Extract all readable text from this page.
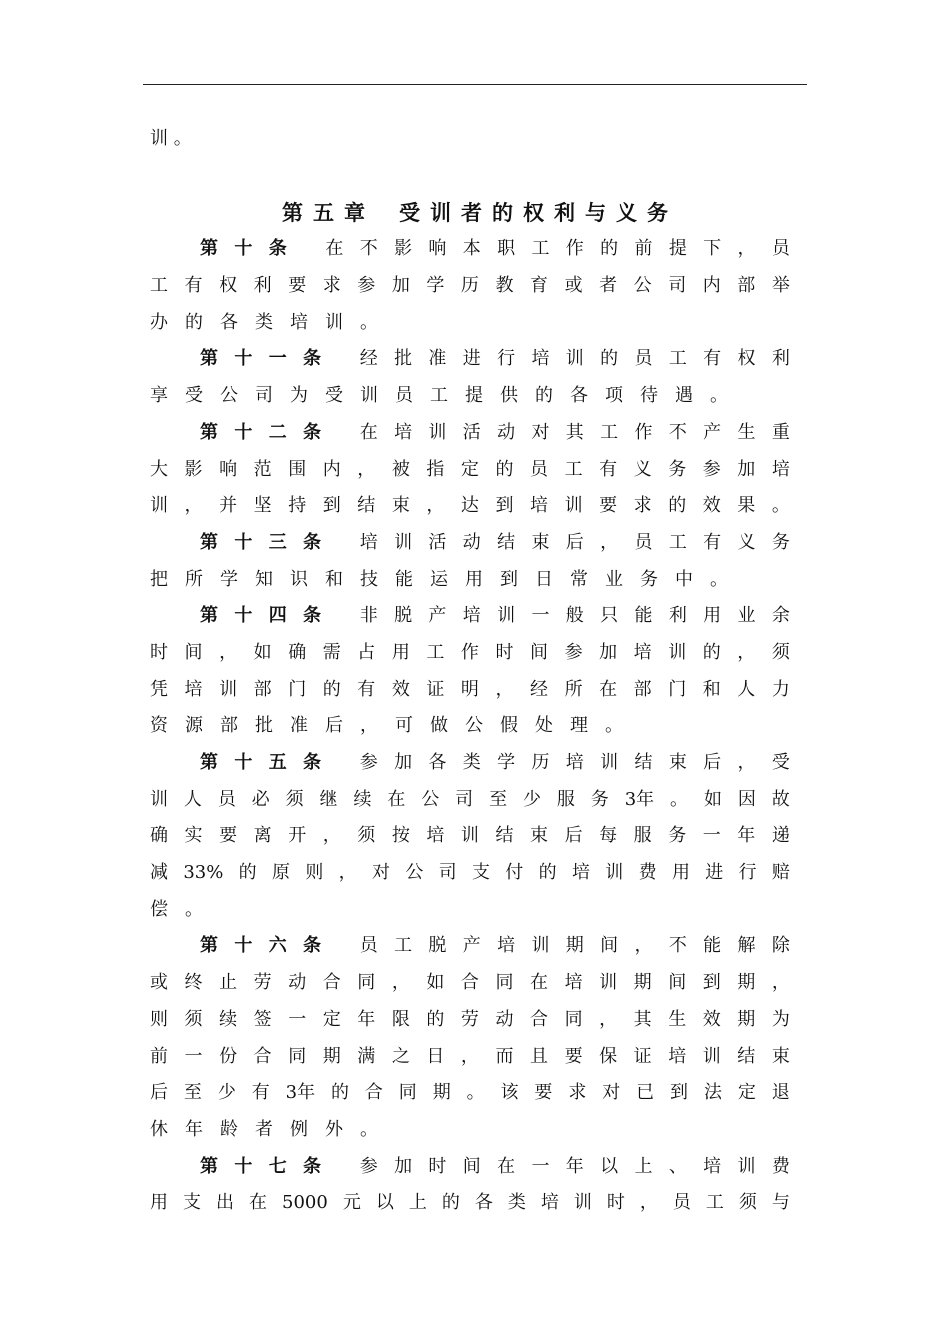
训 。
第五章 受训者的权利与义务
第 十 条 在 不 影 响 本 职 工 作 的 前 提 下 ， 员
工 有 权 利 要 求 参 加 学 历 教 育 或 者 公 司 内 部 举
办 的 各 类 培 训 。
第 十 一 条 经 批 准 进 行 培 训 的 员 工 有 权 利
享 受 公 司 为 受 训 员 工 提 供 的 各 项 待 遇 。
第 十 二 条 在 培 训 活 动 对 其 工 作 不 产 生 重
大 影 响 范 围 内 ， 被 指 定 的 员 工 有 义 务 参 加 培
训 ， 并 坚 持 到 结 束 ， 达 到 培 训 要 求 的 效 果 。
第 十 三 条 培 训 活 动 结 束 后 ， 员 工 有 义 务
把 所 学 知 识 和 技 能 运 用 到 日 常 业 务 中 。
第 十 四 条 非 脱 产 培 训 一 般 只 能 利 用 业 余
时 间 ， 如 确 需 占 用 工 作 时 间 参 加 培 训 的 ， 须
凭 培 训 部 门 的 有 效 证 明 ， 经 所 在 部 门 和 人 力
资 源 部 批 准 后 ， 可 做 公 假 处 理 。
第 十 五 条 参 加 各 类 学 历 培 训 结 束 后 ， 受
训 人 员 必 须 继 续 在 公 司 至 少 服 务 3年 。 如 因 故
确 实 要 离 开 ， 须 按 培 训 结 束 后 每 服 务 一 年 递
减 33% 的 原 则 ， 对 公 司 支 付 的 培 训 费 用 进 行 赔
偿 。
第 十 六 条 员 工 脱 产 培 训 期 间 ， 不 能 解 除
或 终 止 劳 动 合 同 ， 如 合 同 在 培 训 期 间 到 期 ，
则 须 续 签 一 定 年 限 的 劳 动 合 同 ， 其 生 效 期 为
前 一 份 合 同 期 满 之 日 ， 而 且 要 保 证 培 训 结 束
后 至 少 有 3年 的 合 同 期 。 该 要 求 对 已 到 法 定 退
休 年 龄 者 例 外 。
第 十 七 条 参 加 时 间 在 一 年 以 上 、 培 训 费
用 支 出 在 5000 元 以 上 的 各 类 培 训 时 ， 员 工 须 与
